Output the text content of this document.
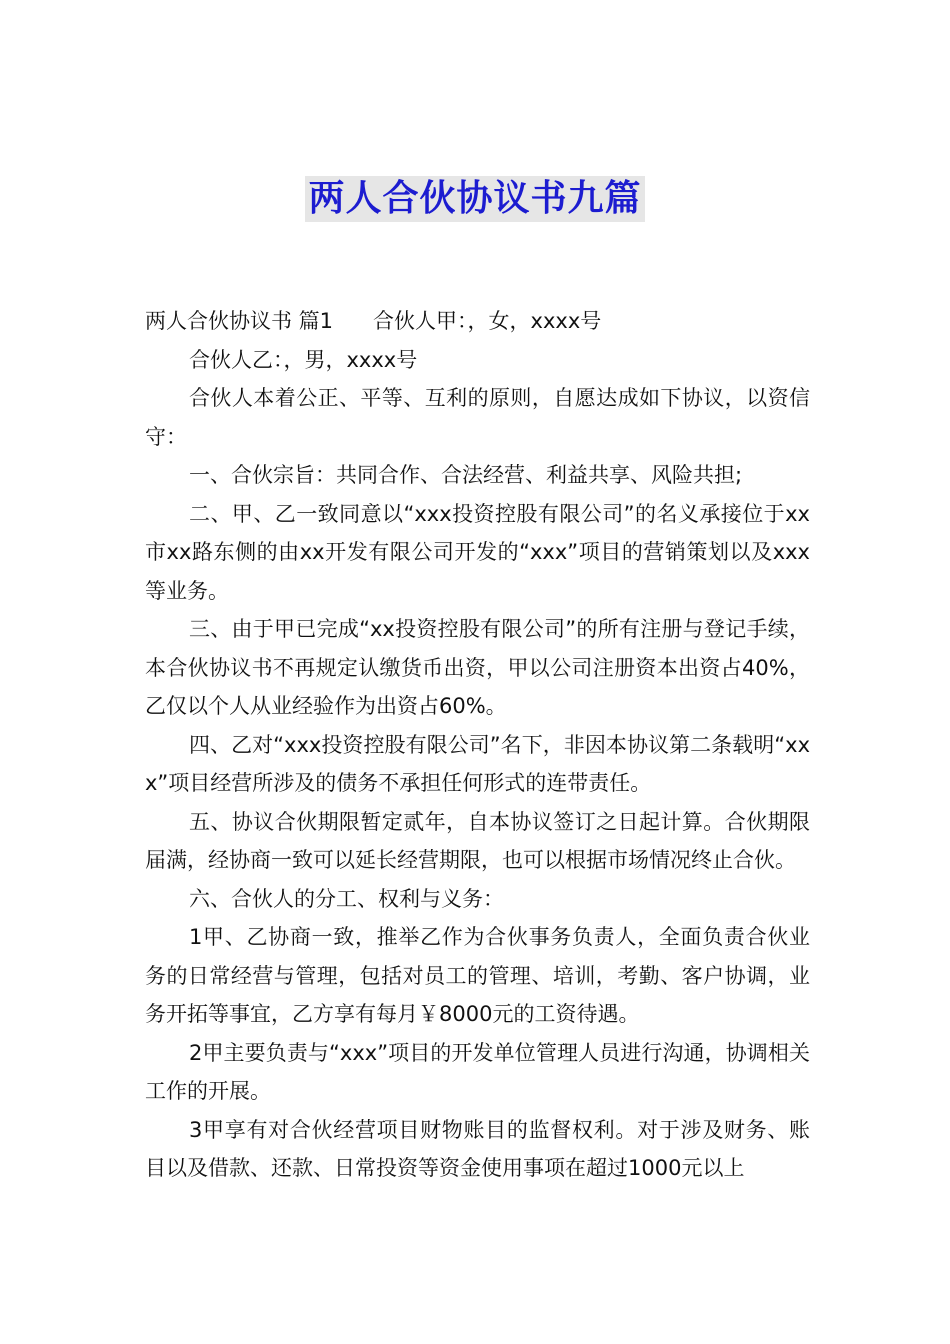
两人合伙协议书九篇

两人合伙协议书 篇1 合伙人甲：，女，xxxx号

合伙人乙：，男，xxxx号

合伙人本着公正、平等、互利的原则，自愿达成如下协议，以资信守：

一、合伙宗旨：共同合作、合法经营、利益共享、风险共担;

二、甲、乙一致同意以“xxx投资控股有限公司”的名义承接位于xx市xx路东侧的由xx开发有限公司开发的“xxx”项目的营销策划以及xxx等业务。

三、由于甲已完成“xx投资控股有限公司”的所有注册与登记手续，本合伙协议书不再规定认缴货币出资，甲以公司注册资本出资占40%，乙仅以个人从业经验作为出资占60%。

四、乙对“xxx投资控股有限公司”名下，非因本协议第二条载明“xxx”项目经营所涉及的债务不承担任何形式的连带责任。

五、协议合伙期限暂定贰年，自本协议签订之日起计算。合伙期限届满，经协商一致可以延长经营期限，也可以根据市场情况终止合伙。

六、合伙人的分工、权利与义务：

1甲、乙协商一致，推举乙作为合伙事务负责人，全面负责合伙业务的日常经营与管理，包括对员工的管理、培训，考勤、客户协调，业务开拓等事宜，乙方享有每月￥8000元的工资待遇。

2甲主要负责与“xxx”项目的开发单位管理人员进行沟通，协调相关工作的开展。

3甲享有对合伙经营项目财物账目的监督权利。对于涉及财务、账目以及借款、还款、日常投资等资金使用事项在超过1000元以上
